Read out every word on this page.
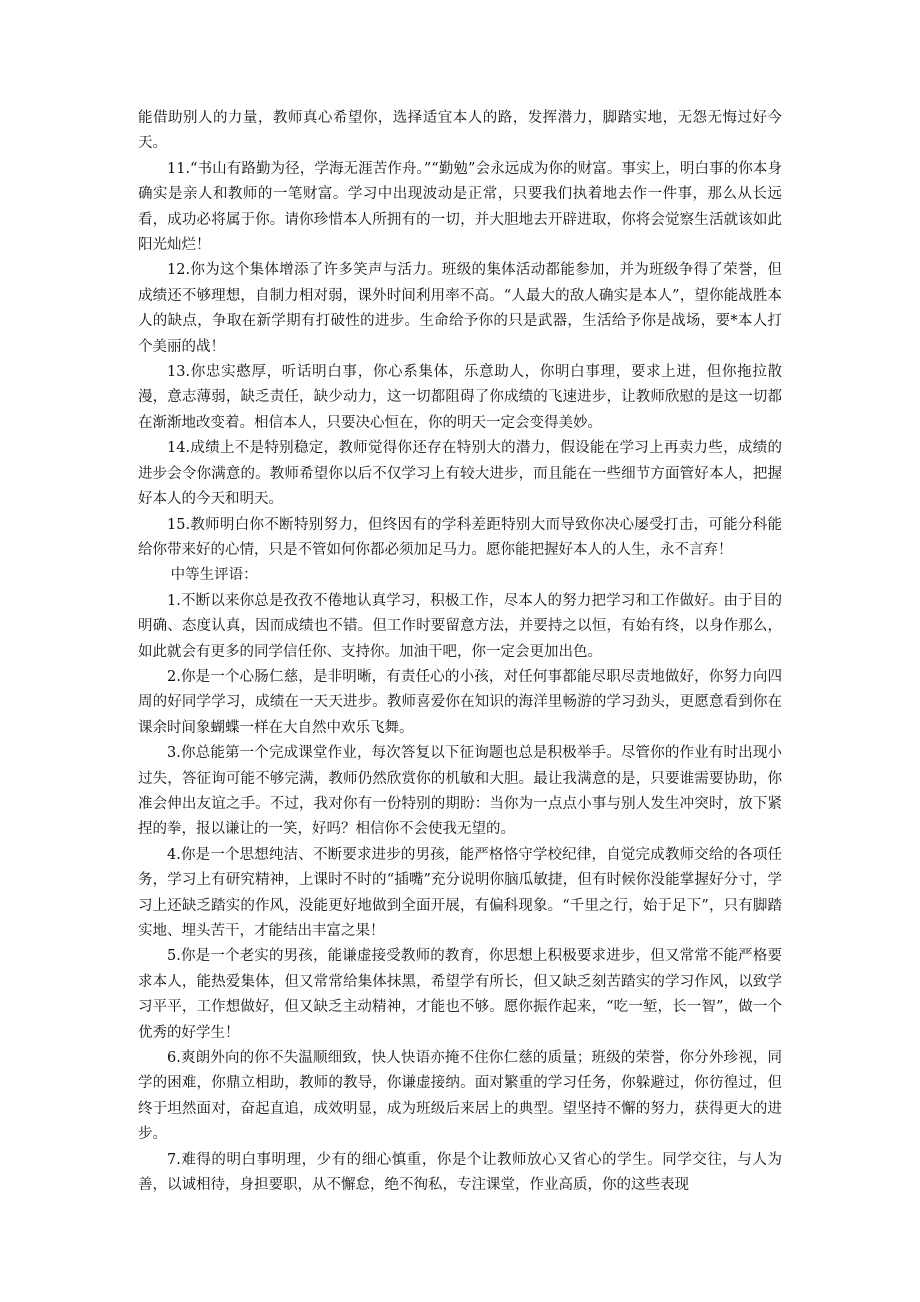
能借助别人的力量，教师真心希望你，选择适宜本人的路，发挥潜力，脚踏实地，无怨无悔过好今天。

11.“书山有路勤为径，学海无涯苦作舟。”“勤勉”会永远成为你的财富。事实上，明白事的你本身确实是亲人和教师的一笔财富。学习中出现波动是正常，只要我们执着地去作一件事，那么从长远看，成功必将属于你。请你珍惜本人所拥有的一切，并大胆地去开辟进取，你将会觉察生活就该如此阳光灿烂！

12.你为这个集体增添了许多笑声与活力。班级的集体活动都能参加，并为班级争得了荣誉，但成绩还不够理想，自制力相对弱，课外时间利用率不高。“人最大的敌人确实是本人”，望你能战胜本人的缺点，争取在新学期有打破性的进步。生命给予你的只是武器，生活给予你是战场，要*本人打个美丽的战！

13.你忠实憨厚，听话明白事，你心系集体，乐意助人，你明白事理，要求上进，但你拖拉散漫，意志薄弱，缺乏责任，缺少动力，这一切都阻碍了你成绩的飞速进步，让教师欣慰的是这一切都在渐渐地改变着。相信本人，只要决心恒在，你的明天一定会变得美妙。

14.成绩上不是特别稳定，教师觉得你还存在特别大的潜力，假设能在学习上再卖力些，成绩的进步会令你满意的。教师希望你以后不仅学习上有较大进步，而且能在一些细节方面管好本人，把握好本人的今天和明天。

15.教师明白你不断特别努力，但终因有的学科差距特别大而导致你决心屡受打击，可能分科能给你带来好的心情，只是不管如何你都必须加足马力。愿你能把握好本人的人生，永不言弃！

中等生评语：

1.不断以来你总是孜孜不倦地认真学习，积极工作，尽本人的努力把学习和工作做好。由于目的明确、态度认真，因而成绩也不错。但工作时要留意方法，并要持之以恒，有始有终，以身作那么，如此就会有更多的同学信任你、支持你。加油干吧，你一定会更加出色。

2.你是一个心肠仁慈，是非明晰，有责任心的小孩，对任何事都能尽职尽责地做好，你努力向四周的好同学学习，成绩在一天天进步。教师喜爱你在知识的海洋里畅游的学习劲头，更愿意看到你在课余时间象蝴蝶一样在大自然中欢乐飞舞。

3.你总能第一个完成课堂作业，每次答复以下征询题也总是积极举手。尽管你的作业有时出现小过失，答征询可能不够完满，教师仍然欣赏你的机敏和大胆。最让我满意的是，只要谁需要协助，你准会伸出友谊之手。不过，我对你有一份特别的期盼：当你为一点点小事与别人发生冲突时，放下紧捏的拳，报以谦让的一笑，好吗？相信你不会使我无望的。

4.你是一个思想纯洁、不断要求进步的男孩，能严格恪守学校纪律，自觉完成教师交给的各项任务，学习上有研究精神，上课时不时的“插嘴”充分说明你脑瓜敏捷，但有时候你没能掌握好分寸，学习上还缺乏踏实的作风，没能更好地做到全面开展，有偏科现象。“千里之行，始于足下”，只有脚踏实地、埋头苦干，才能结出丰富之果！

5.你是一个老实的男孩，能谦虚接受教师的教育，你思想上积极要求进步，但又常常不能严格要求本人，能热爱集体，但又常常给集体抹黑，希望学有所长，但又缺乏刻苦踏实的学习作风，以致学习平平，工作想做好，但又缺乏主动精神，才能也不够。愿你振作起来，“吃一堑，长一智”，做一个优秀的好学生！

6.爽朗外向的你不失温顺细致，快人快语亦掩不住你仁慈的质量；班级的荣誉，你分外珍视，同学的困难，你鼎立相助，教师的教导，你谦虚接纳。面对繁重的学习任务，你躲避过，你彷徨过，但终于坦然面对，奋起直追，成效明显，成为班级后来居上的典型。望坚持不懈的努力，获得更大的进步。

7.难得的明白事明理，少有的细心慎重，你是个让教师放心又省心的学生。同学交往，与人为善，以诚相待，身担要职，从不懈怠，绝不徇私，专注课堂，作业高质，你的这些表现
